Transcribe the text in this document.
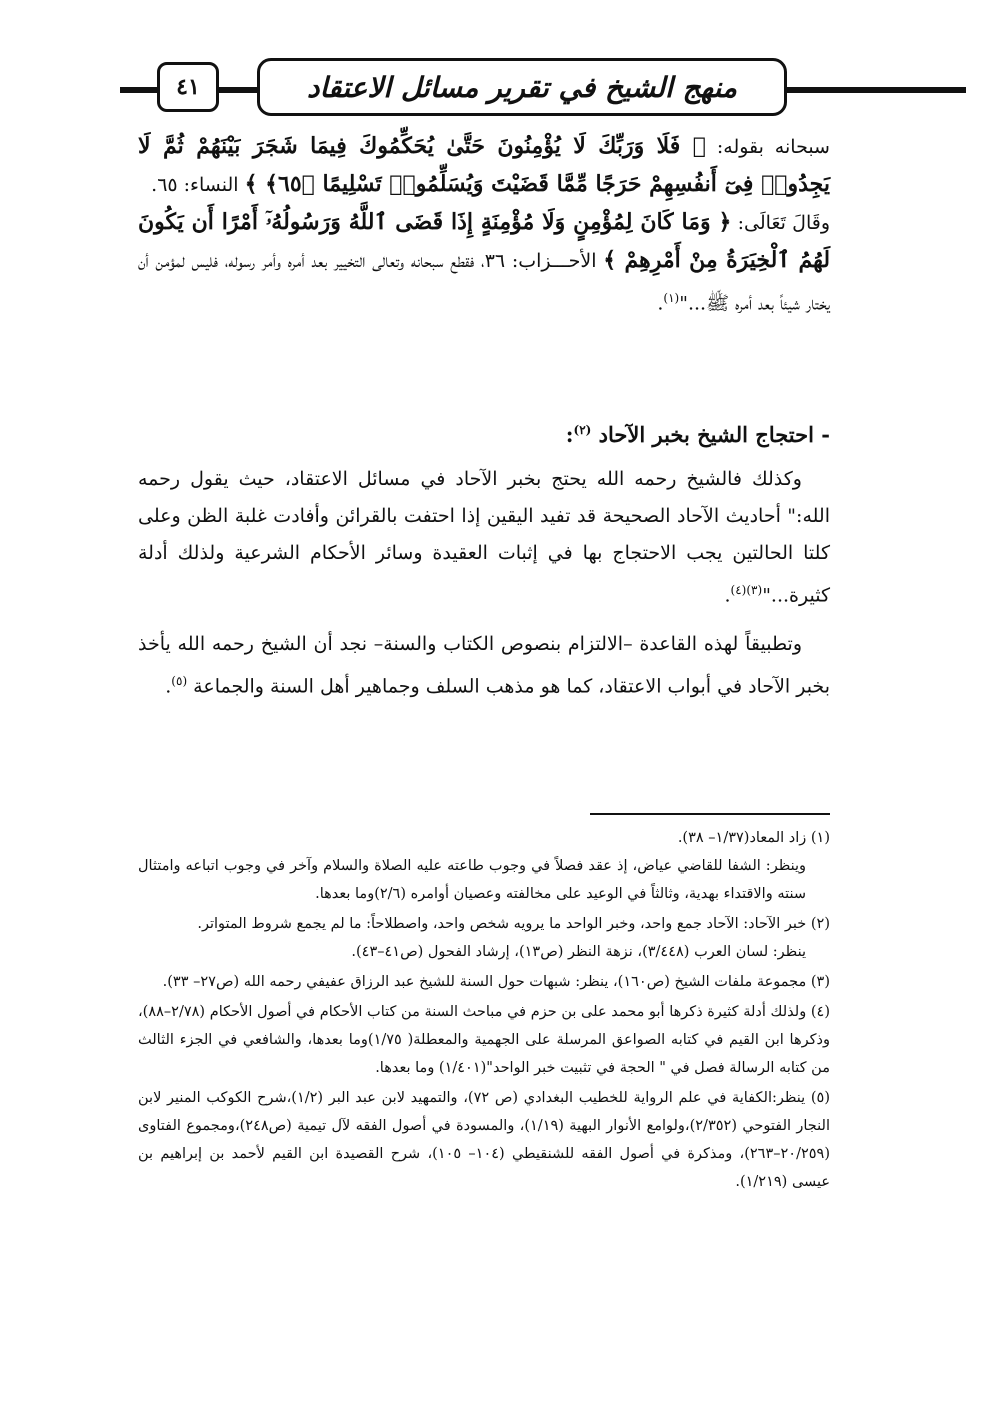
٤١	منهج الشيخ في تقرير مسائل الاعتقاد

سبحانه بقوله: ﴿ فَلَا وَرَبِّكَ لَا يُؤْمِنُونَ حَتَّىٰ يُحَكِّمُوكَ فِيمَا شَجَرَ بَيْنَهُمْ ثُمَّ لَا يَجِدُوا۟ فِىٓ أَنفُسِهِمْ حَرَجًا مِّمَّا قَضَيْتَ وَيُسَلِّمُوا۟ تَسْلِيمًا ﴿٦٥﴾ ﴾ النساء: ٦٥.

وقَالَ تَعَالَى: ﴿ وَمَا كَانَ لِمُؤْمِنٍ وَلَا مُؤْمِنَةٍ إِذَا قَضَى ٱللَّهُ وَرَسُولُهُۥٓ أَمْرًا أَن يَكُونَ لَهُمُ ٱلْخِيَرَةُ مِنْ أَمْرِهِمْ ﴾ الأحـــزاب: ٣٦، فقطع سبحانه وتعالى التخيير بعد أمره وأمر رسوله، فليس لمؤمن أن يختار شيئاً بعد أمره ﷺ..."$^{(١)}$.

- احتجاج الشيخ بخبر الآحاد $^{(٢)}$:

وكذلك فالشيخ رحمه الله يحتج بخبر الآحاد في مسائل الاعتقاد، حيث يقول رحمه الله:" أحاديث الآحاد الصحيحة قد تفيد اليقين إذا احتفت بالقرائن وأفادت غلبة الظن وعلى كلتا الحالتين يجب الاحتجاج بها في إثبات العقيدة وسائر الأحكام الشرعية ولذلك أدلة كثيرة..."$^{(٣)(٤)}$.

وتطبيقاً لهذه القاعدة –الالتزام بنصوص الكتاب والسنة– نجد أن الشيخ رحمه الله يأخذ بخبر الآحاد في أبواب الاعتقاد، كما هو مذهب السلف وجماهير أهل السنة والجماعة $^{(٥)}$.

(١) زاد المعاد(١/٣٧– ٣٨).

وينظر: الشفا للقاضي عياض، إذ عقد فصلاً في وجوب طاعته عليه الصلاة والسلام وآخر في وجوب اتباعه وامتثال سنته والاقتداء بهدية، وثالثاً في الوعيد على مخالفته وعصيان أوامره (٢/٦)وما بعدها.

(٢) خبر الآحاد: الآحاد جمع واحد، وخبر الواحد ما يرويه شخص واحد، واصطلاحاً: ما لم يجمع شروط المتواتر.

ينظر: لسان العرب (٣/٤٤٨)، نزهة النظر (ص١٣)، إرشاد الفحول (ص٤١–٤٣).

(٣) مجموعة ملفات الشيخ (ص١٦٠)، ينظر: شبهات حول السنة للشيخ عبد الرزاق عفيفي رحمه الله (ص٢٧– ٣٣).

(٤) ولذلك أدلة كثيرة ذكرها أبو محمد على بن حزم في مباحث السنة من كتاب الأحكام في أصول الأحكام (٢/٧٨–٨٨)، وذكرها ابن القيم في كتابه الصواعق المرسلة على الجهمية والمعطلة( ١/٧٥)وما بعدها، والشافعي في الجزء الثالث من كتابه الرسالة فصل في " الحجة في تثبيت خبر الواحد"(١/٤٠١) وما بعدها.

(٥) ينظر:الكفاية في علم الرواية للخطيب البغدادي (ص ٧٢)، والتمهيد لابن عبد البر (١/٢)،شرح الكوكب المنير لابن النجار الفتوحي (٢/٣٥٢)،ولوامع الأنوار البهية (١/١٩)، والمسودة في أصول الفقه لآل تيمية (ص٢٤٨)،ومجموع الفتاوى (٢٠/٢٥٩–٢٦٣)، ومذكرة في أصول الفقه للشنقيطي (١٠٤– ١٠٥)، شرح القصيدة ابن القيم لأحمد بن إبراهيم بن عيسى (١/٢١٩).
